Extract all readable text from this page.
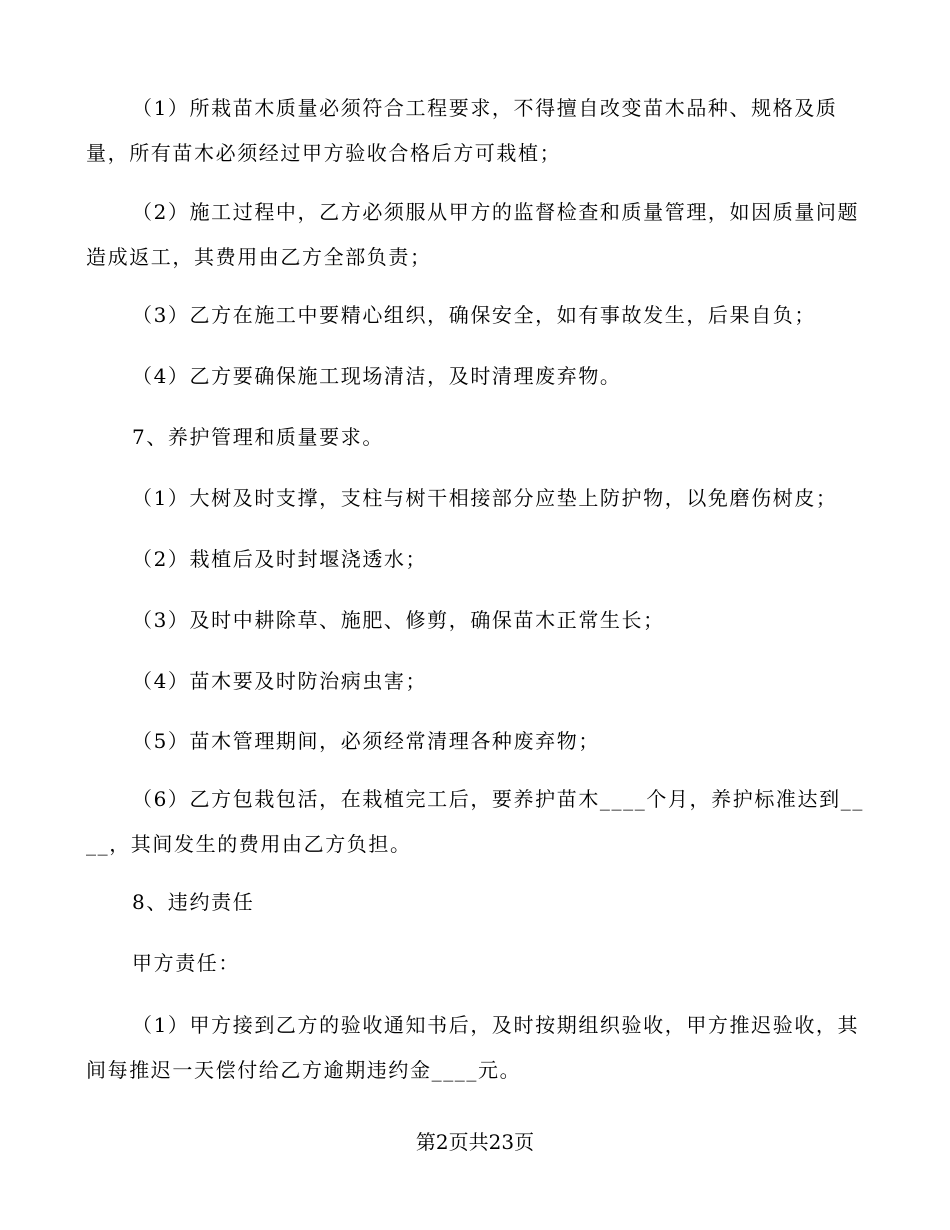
（1）所栽苗木质量必须符合工程要求，不得擅自改变苗木品种、规格及质量，所有苗木必须经过甲方验收合格后方可栽植；

（2）施工过程中，乙方必须服从甲方的监督检查和质量管理，如因质量问题造成返工，其费用由乙方全部负责；

（3）乙方在施工中要精心组织，确保安全，如有事故发生，后果自负；

（4）乙方要确保施工现场清洁，及时清理废弃物。

7、养护管理和质量要求。

（1）大树及时支撑，支柱与树干相接部分应垫上防护物，以免磨伤树皮；

（2）栽植后及时封堰浇透水；

（3）及时中耕除草、施肥、修剪，确保苗木正常生长；

（4）苗木要及时防治病虫害；

（5）苗木管理期间，必须经常清理各种废弃物；

（6）乙方包栽包活，在栽植完工后，要养护苗木____个月，养护标准达到____，其间发生的费用由乙方负担。

8、违约责任

甲方责任：

（1）甲方接到乙方的验收通知书后，及时按期组织验收，甲方推迟验收，其间每推迟一天偿付给乙方逾期违约金____元。

第2页共23页
